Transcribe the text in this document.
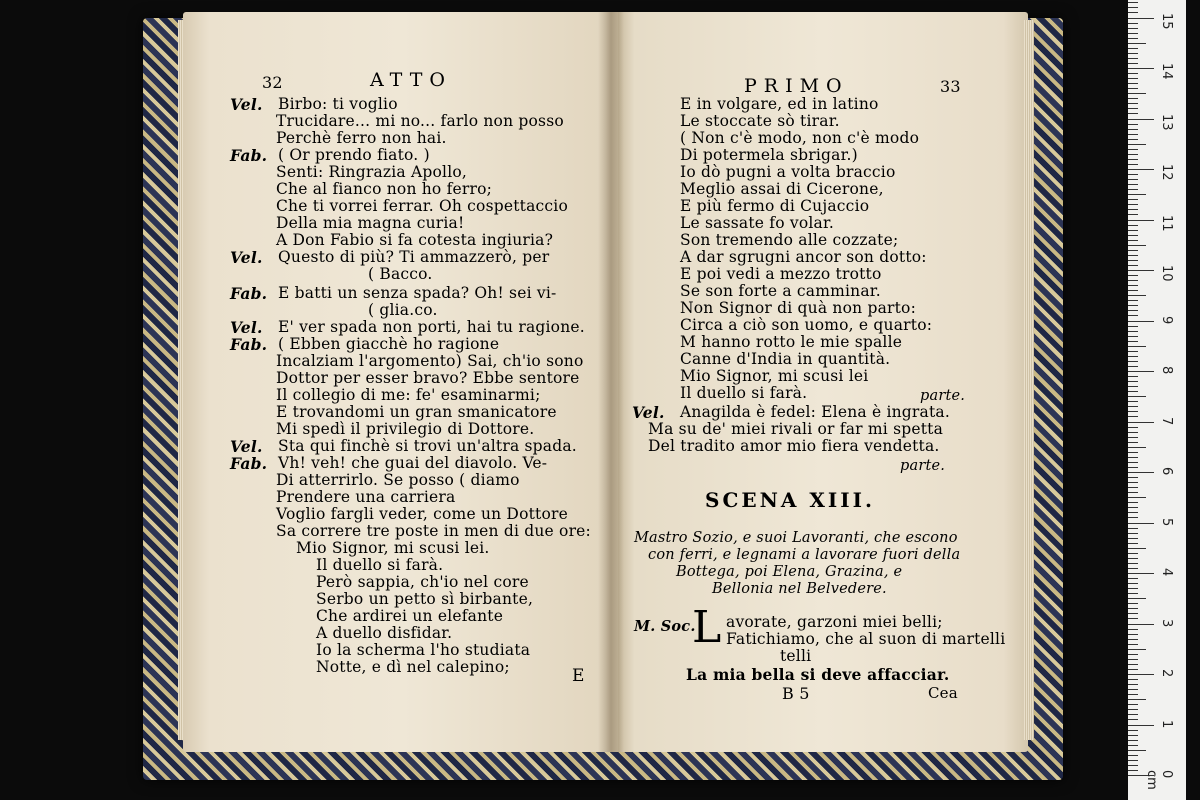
Vel. Birbo: ti voglio
Trucidare... mi no... farlo non posso
Perchè ferro non hai.
Fab. ( Or prendo fiato. )
Senti: Ringrazia Apollo,
Che al fianco non ho ferro;
Che ti vorrei ferrar. Oh cospettaccio
Della mia magna curia!
A Don Fabio si fa cotesta ingiuria?
Vel. Questo di più? Ti ammazzerò, per
( Bacco.
Fab. E batti un senza spada? Oh! sei vi-
( glia.co.
Vel. E' ver spada non porti, hai tu ragione.
Fab. ( Ebben giacchè ho ragione
Incalziam l'argomento) Sai, ch'io sono
Dottor per esser bravo? Ebbe sentore
Il collegio di me: fe' esaminarmi;
E trovandomi un gran smanicatore
Mi spedì il privilegio di Dottore.
Vel. Sta qui finchè si trovi un'altra spada.
Fab. Vh! veh! che guai del diavolo. Ve-
Di atterrirlo. Se posso ( diamo
Prendere una carriera
Voglio fargli veder, come un Dottore
Sa correre tre poste in men di due ore:
Mio Signor, mi scusi lei.
Il duello si farà.
Però sappia, ch'io nel core
Serbo un petto sì birbante,
Che ardirei un elefante
A duello disfidar.
Io la scherma l'ho studiata
Notte, e dì nel calepino;
E in volgare, ed in latino
Le stoccate sò tirar.
( Non c'è modo, non c'è modo
Di potermela sbrigar.)
Io dò pugni a volta braccio
Meglio assai di Cicerone,
E più fermo di Cujaccio
Le sassate fo volar.
Son tremendo alle cozzate;
A dar sgrugni ancor son dotto:
E poi vedi a mezzo trotto
Se son forte a camminar.
Non Signor di quà non parto:
Circa a ciò son uomo, e quarto:
M hanno rotto le mie spalle
Canne d'India in quantità.
Mio Signor, mi scusi lei
Il duello si farà.
Vel. Anagilda è fedel: Elena è ingrata.
Ma su de' miei rivali or far mi spetta
Del tradito amor mio fiera vendetta.
32	ATTO
E
PRIMO	33
parte.
parte.
SCENA XIII.
Mastro Sozio, e suoi Lavoranti, che escono
con ferri, e legnami a lavorare fuori della
Bottega, poi Elena, Grazina, e
Bellonia nel Belvedere.
M. Soc.
L avorate, garzoni miei belli;
Fatichiamo, che al suon di martelli
telli
La mia bella si deve affacciar.
B 5	Cea
15
14
13
12
11
10
9
8
7
6
5
4
3
2
1
0 cm
